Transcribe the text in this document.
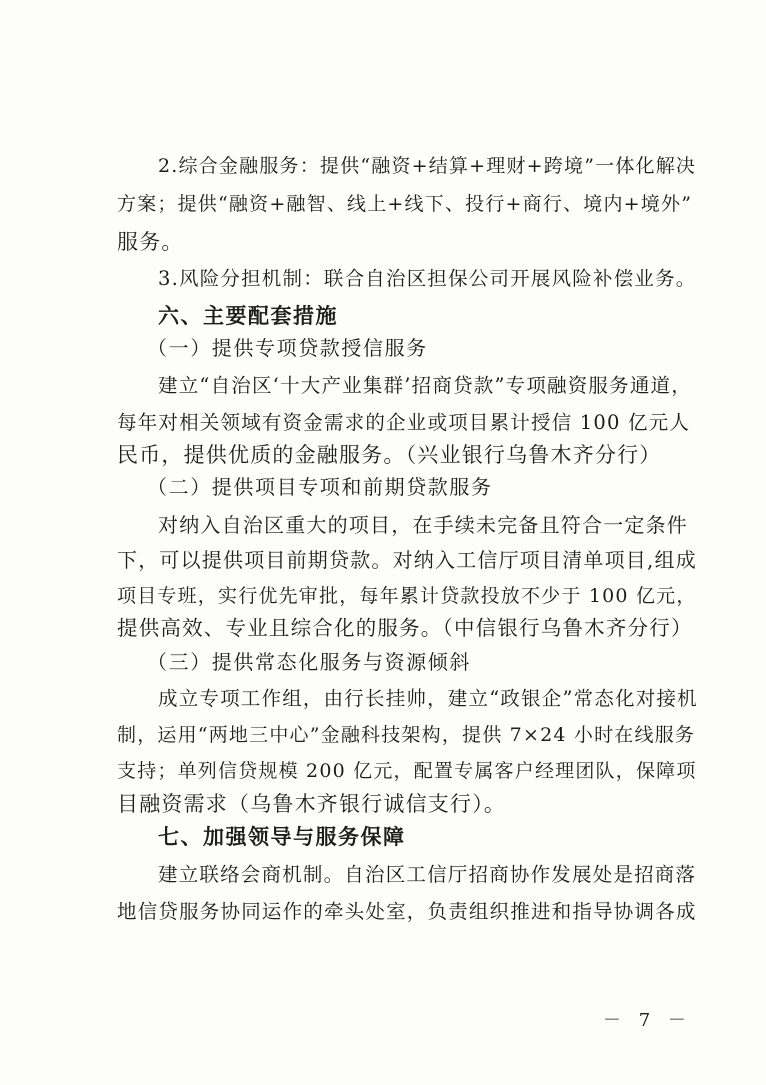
2.综合金融服务：提供“融资+结算+理财+跨境”一体化解决
方案；提供“融资+融智、线上+线下、投行+商行、境内+境外”
服务。
3.风险分担机制：联合自治区担保公司开展风险补偿业务。
六、主要配套措施
（一）提供专项贷款授信服务
建立“自治区‘十大产业集群’招商贷款”专项融资服务通道，
每年对相关领域有资金需求的企业或项目累计授信 100 亿元人
民币，提供优质的金融服务。（兴业银行乌鲁木齐分行）
（二）提供项目专项和前期贷款服务
对纳入自治区重大的项目，在手续未完备且符合一定条件
下，可以提供项目前期贷款。对纳入工信厅项目清单项目,组成
项目专班，实行优先审批，每年累计贷款投放不少于 100 亿元，
提供高效、专业且综合化的服务。（中信银行乌鲁木齐分行）
（三）提供常态化服务与资源倾斜
成立专项工作组，由行长挂帅，建立“政银企”常态化对接机
制，运用“两地三中心”金融科技架构，提供 7×24 小时在线服务
支持；单列信贷规模 200 亿元，配置专属客户经理团队，保障项
目融资需求（乌鲁木齐银行诚信支行）。
七、加强领导与服务保障
建立联络会商机制。自治区工信厅招商协作发展处是招商落
地信贷服务协同运作的牵头处室，负责组织推进和指导协调各成
－ 7 －
